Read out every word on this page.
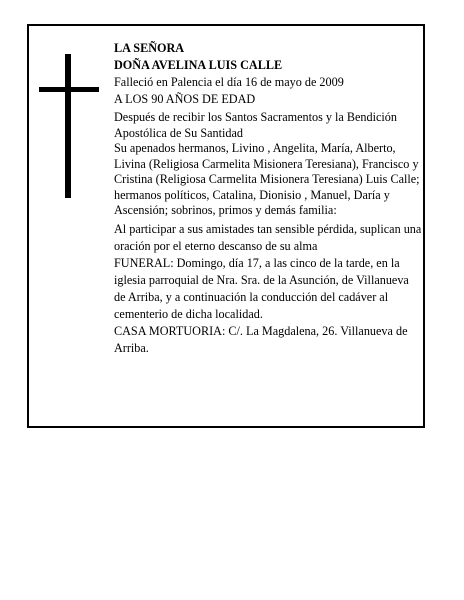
LA SEÑORA

DOÑA AVELINA LUIS CALLE

Falleció en Palencia el día 16 de mayo de 2009

A LOS 90 AÑOS DE EDAD

Después de recibir los Santos Sacramentos y la Bendición Apostólica de Su Santidad

Su apenados hermanos, Livino , Angelita, María, Alberto, Livina (Religiosa Carmelita Misionera Teresiana), Francisco y Cristina (Religiosa Carmelita Misionera Teresiana) Luis Calle; hermanos políticos, Catalina, Dionisio , Manuel, Daría y Ascensión; sobrinos, primos y demás familia:

Al participar a sus amistades tan sensible pérdida, suplican una oración por el eterno descanso de su alma

FUNERAL: Domingo, día 17, a las cinco de la tarde, en la iglesia parroquial de Nra. Sra. de la Asunción, de Villanueva de Arriba, y a continuación la conducción del cadáver al cementerio de dicha localidad.

CASA MORTUORIA: C/. La Magdalena, 26. Villanueva de Arriba.
